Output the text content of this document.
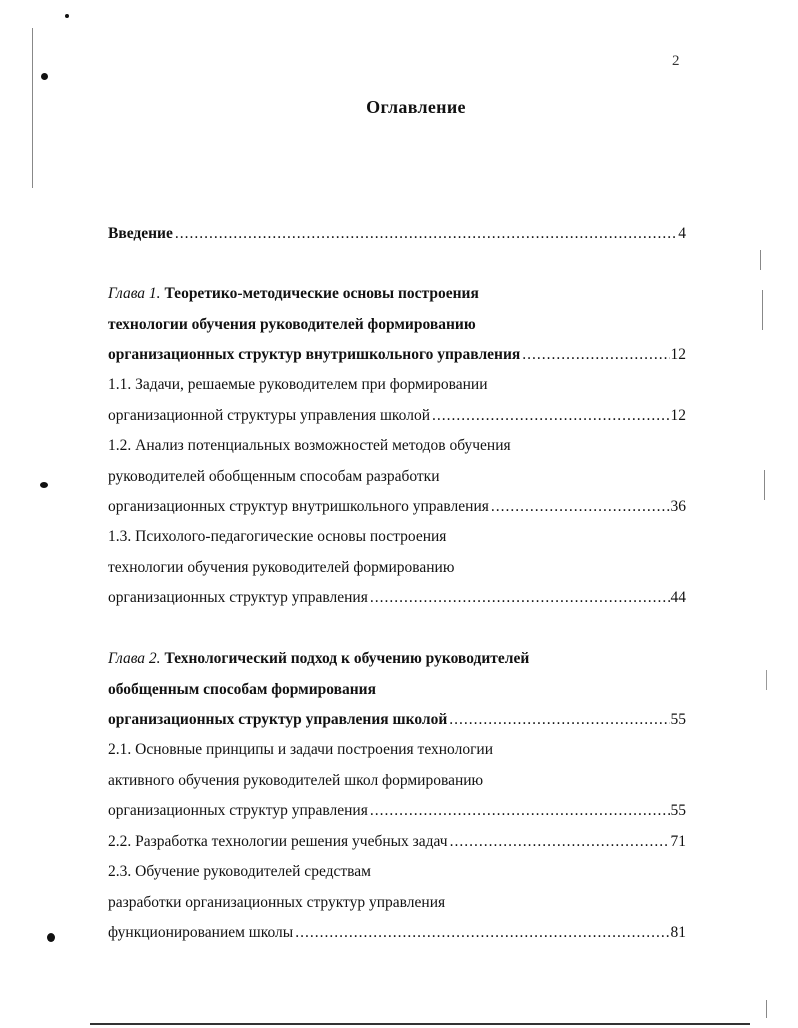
2
Оглавление
Введение .....	4
Глава 1. Теоретико-методические основы построения
технологии обучения руководителей формированию
организационных структур внутришкольного управления .....	12
1.1. Задачи, решаемые руководителем при формировании
организационной структуры управления школой .....	12
1.2. Анализ потенциальных возможностей методов обучения
руководителей обобщенным способам разработки
организационных структур внутришкольного управления .....	36
1.3. Психолого-педагогические основы построения
технологии обучения руководителей формированию
организационных структур управления .....	44
Глава 2. Технологический подход к обучению руководителей
обобщенным способам формирования
организационных структур управления школой .....	55
2.1. Основные принципы и задачи построения технологии
активного обучения руководителей школ формированию
организационных структур управления .....	55
2.2. Разработка технологии решения учебных задач .....	71
2.3. Обучение руководителей средствам
разработки организационных структур управления
функционированием школы .....	81
